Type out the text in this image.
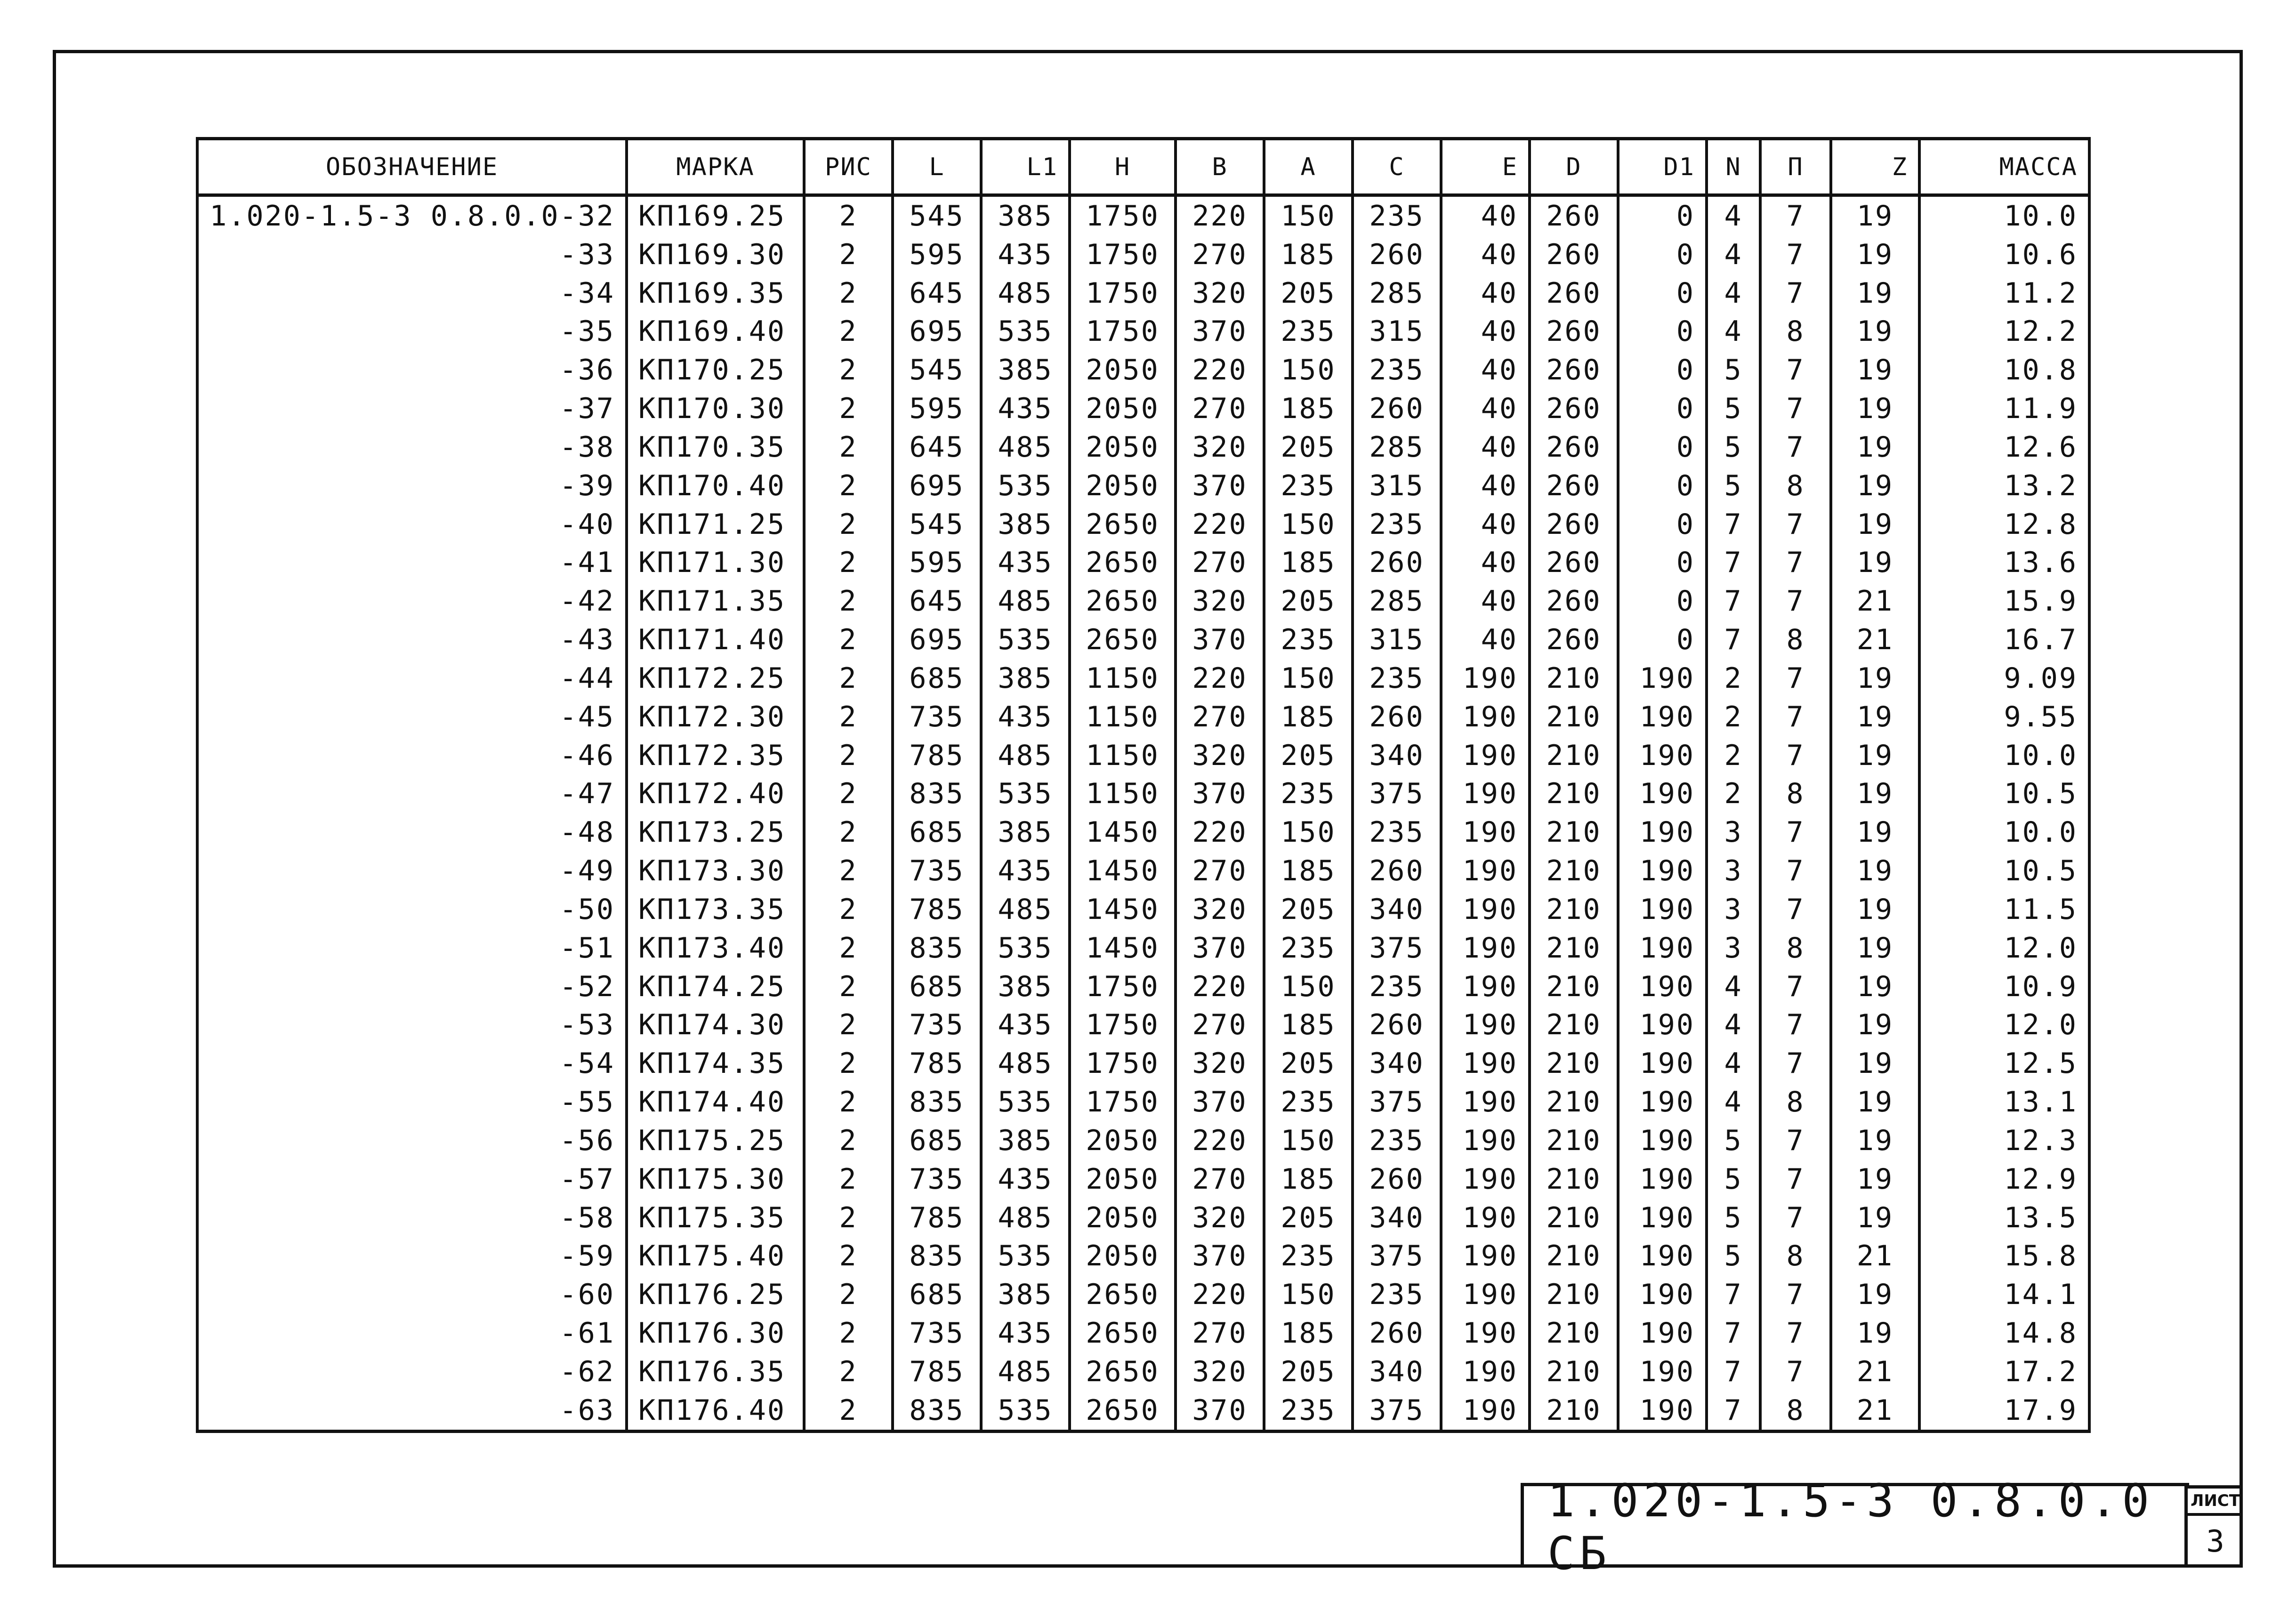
ОБОЗНАЧЕНИЕ	МАРКА	РИС	L	L1	H	B	A	C	E	D	D1	N	П	Z	МАССА
1.020-1.5-3 0.8.0.0-32	КП169.25	2	545	385	1750	220	150	235	40	260	0	4	7	19	10.0
-33	КП169.30	2	595	435	1750	270	185	260	40	260	0	4	7	19	10.6
-34	КП169.35	2	645	485	1750	320	205	285	40	260	0	4	7	19	11.2
-35	КП169.40	2	695	535	1750	370	235	315	40	260	0	4	8	19	12.2
-36	КП170.25	2	545	385	2050	220	150	235	40	260	0	5	7	19	10.8
-37	КП170.30	2	595	435	2050	270	185	260	40	260	0	5	7	19	11.9
-38	КП170.35	2	645	485	2050	320	205	285	40	260	0	5	7	19	12.6
-39	КП170.40	2	695	535	2050	370	235	315	40	260	0	5	8	19	13.2
-40	КП171.25	2	545	385	2650	220	150	235	40	260	0	7	7	19	12.8
-41	КП171.30	2	595	435	2650	270	185	260	40	260	0	7	7	19	13.6
-42	КП171.35	2	645	485	2650	320	205	285	40	260	0	7	7	21	15.9
-43	КП171.40	2	695	535	2650	370	235	315	40	260	0	7	8	21	16.7
-44	КП172.25	2	685	385	1150	220	150	235	190	210	190	2	7	19	9.09
-45	КП172.30	2	735	435	1150	270	185	260	190	210	190	2	7	19	9.55
-46	КП172.35	2	785	485	1150	320	205	340	190	210	190	2	7	19	10.0
-47	КП172.40	2	835	535	1150	370	235	375	190	210	190	2	8	19	10.5
-48	КП173.25	2	685	385	1450	220	150	235	190	210	190	3	7	19	10.0
-49	КП173.30	2	735	435	1450	270	185	260	190	210	190	3	7	19	10.5
-50	КП173.35	2	785	485	1450	320	205	340	190	210	190	3	7	19	11.5
-51	КП173.40	2	835	535	1450	370	235	375	190	210	190	3	8	19	12.0
-52	КП174.25	2	685	385	1750	220	150	235	190	210	190	4	7	19	10.9
-53	КП174.30	2	735	435	1750	270	185	260	190	210	190	4	7	19	12.0
-54	КП174.35	2	785	485	1750	320	205	340	190	210	190	4	7	19	12.5
-55	КП174.40	2	835	535	1750	370	235	375	190	210	190	4	8	19	13.1
-56	КП175.25	2	685	385	2050	220	150	235	190	210	190	5	7	19	12.3
-57	КП175.30	2	735	435	2050	270	185	260	190	210	190	5	7	19	12.9
-58	КП175.35	2	785	485	2050	320	205	340	190	210	190	5	7	19	13.5
-59	КП175.40	2	835	535	2050	370	235	375	190	210	190	5	8	21	15.8
-60	КП176.25	2	685	385	2650	220	150	235	190	210	190	7	7	19	14.1
-61	КП176.30	2	735	435	2650	270	185	260	190	210	190	7	7	19	14.8
-62	КП176.35	2	785	485	2650	320	205	340	190	210	190	7	7	21	17.2
-63	КП176.40	2	835	535	2650	370	235	375	190	210	190	7	8	21	17.9
1.020-1.5-3 0.8.0.0 СБ
ЛИСТ
3
